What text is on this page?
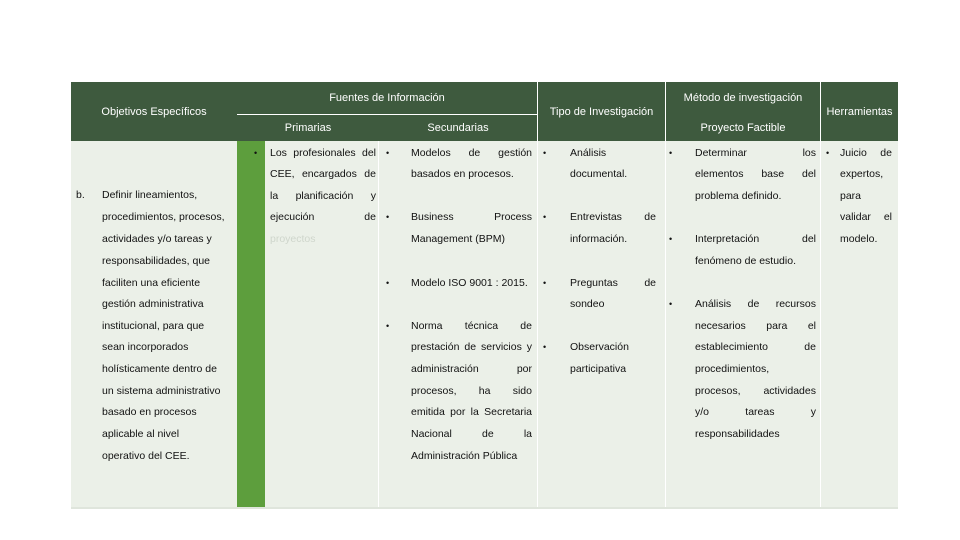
Objetivos Específicos
Fuentes de Información
Primarias	Secundarias
Tipo de Investigación
Método de investigación
Proyecto Factible
Herramientas
b. Definir lineamientos,
procedimientos, procesos,
actividades y/o tareas y
responsabilidades, que
faciliten una eficiente
gestión administrativa
institucional, para que
sean incorporados
holísticamente dentro de
un sistema administrativo
basado en procesos
aplicable al nivel
operativo del CEE.
• Los profesionales del
CEE, encargados de
la planificación y
ejecución de
proyectos
• Modelos de gestión
basados en procesos.
• Business Process
Management (BPM)
• Modelo ISO 9001 : 2015.
• Norma técnica de
prestación de servicios y
administración por
procesos, ha sido
emitida por la Secretaria
Nacional de la
Administración Pública
• Análisis
documental.
• Entrevistas de
información.
• Preguntas de
sondeo
• Observación
participativa
• Determinar los
elementos base del
problema definido.
• Interpretación del
fenómeno de estudio.
• Análisis de recursos
necesarios para el
establecimiento de
procedimientos,
procesos, actividades
y/o tareas y
responsabilidades
• Juicio de
expertos,
para
validar el
modelo.
